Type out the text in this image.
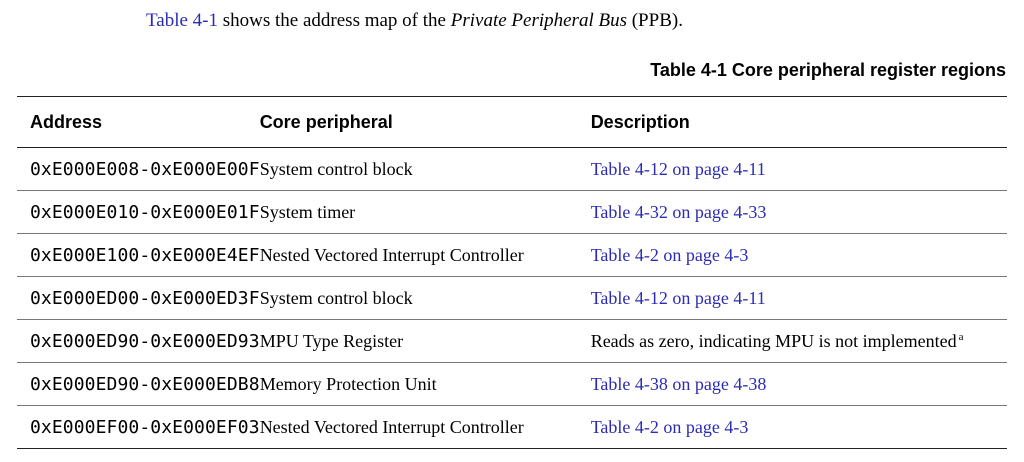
Table 4-1 shows the address map of the Private Peripheral Bus (PPB).
Table 4-1 Core peripheral register regions
Address	Core peripheral	Description
0xE000E008-0xE000E00F	System control block	Table 4-12 on page 4-11
0xE000E010-0xE000E01F	System timer	Table 4-32 on page 4-33
0xE000E100-0xE000E4EF	Nested Vectored Interrupt Controller	Table 4-2 on page 4-3
0xE000ED00-0xE000ED3F	System control block	Table 4-12 on page 4-11
0xE000ED90-0xE000ED93	MPU Type Register	Reads as zero, indicating MPU is not implemented $^a$
0xE000ED90-0xE000EDB8	Memory Protection Unit	Table 4-38 on page 4-38
0xE000EF00-0xE000EF03	Nested Vectored Interrupt Controller	Table 4-2 on page 4-3
